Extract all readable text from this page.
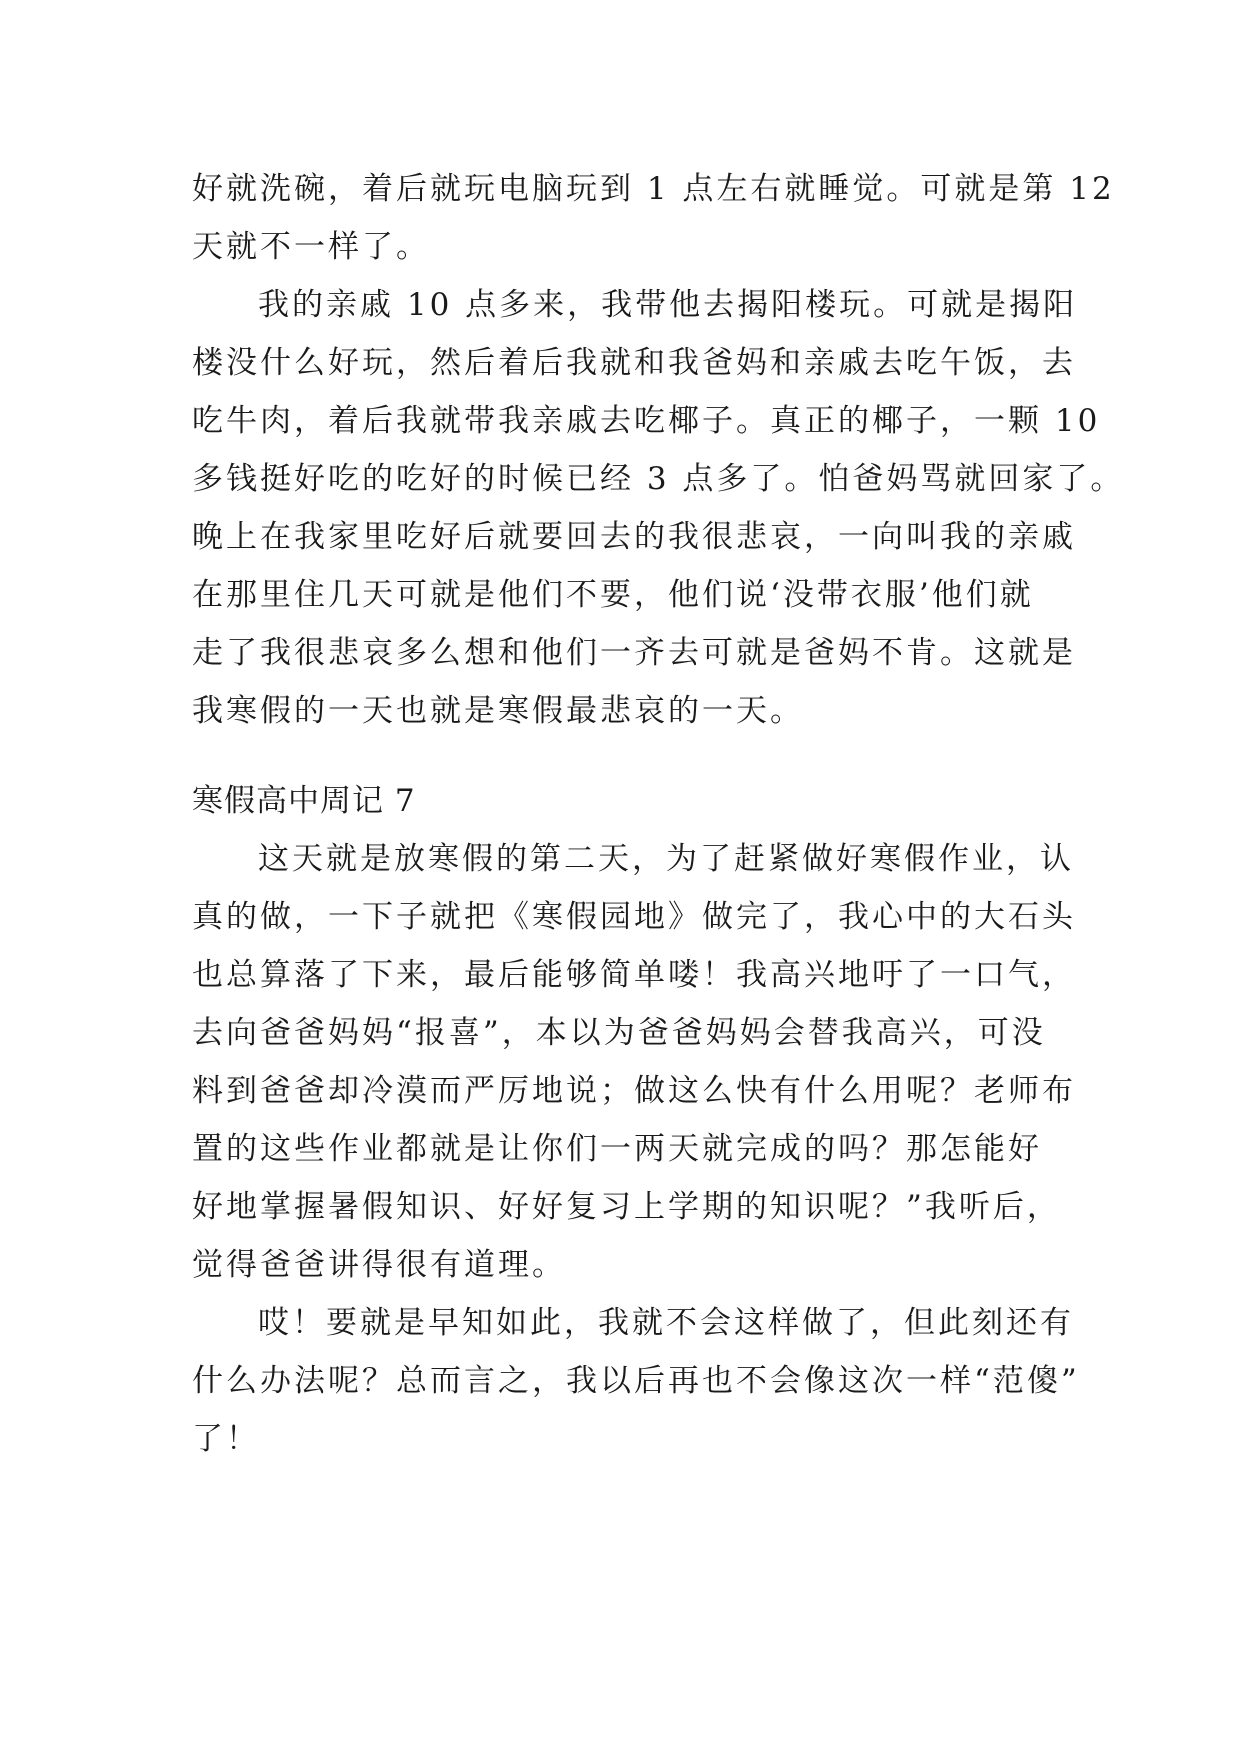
好就洗碗，着后就玩电脑玩到 1 点左右就睡觉。可就是第 12
天就不一样了。

我的亲戚 10 点多来，我带他去揭阳楼玩。可就是揭阳
楼没什么好玩，然后着后我就和我爸妈和亲戚去吃午饭，去
吃牛肉，着后我就带我亲戚去吃椰子。真正的椰子，一颗 10
多钱挺好吃的吃好的时候已经 3 点多了。怕爸妈骂就回家了。
晚上在我家里吃好后就要回去的我很悲哀，一向叫我的亲戚
在那里住几天可就是他们不要，他们说‘没带衣服’他们就
走了我很悲哀多么想和他们一齐去可就是爸妈不肯。这就是
我寒假的一天也就是寒假最悲哀的一天。

寒假高中周记 7

这天就是放寒假的第二天，为了赶紧做好寒假作业，认
真的做，一下子就把《寒假园地》做完了，我心中的大石头
也总算落了下来，最后能够简单喽！我高兴地吁了一口气，
去向爸爸妈妈“报喜”，本以为爸爸妈妈会替我高兴，可没
料到爸爸却冷漠而严厉地说；做这么快有什么用呢？老师布
置的这些作业都就是让你们一两天就完成的吗？那怎能好
好地掌握暑假知识、好好复习上学期的知识呢？”我听后，
觉得爸爸讲得很有道理。

哎！要就是早知如此，我就不会这样做了，但此刻还有
什么办法呢？总而言之，我以后再也不会像这次一样“范傻”
了！
